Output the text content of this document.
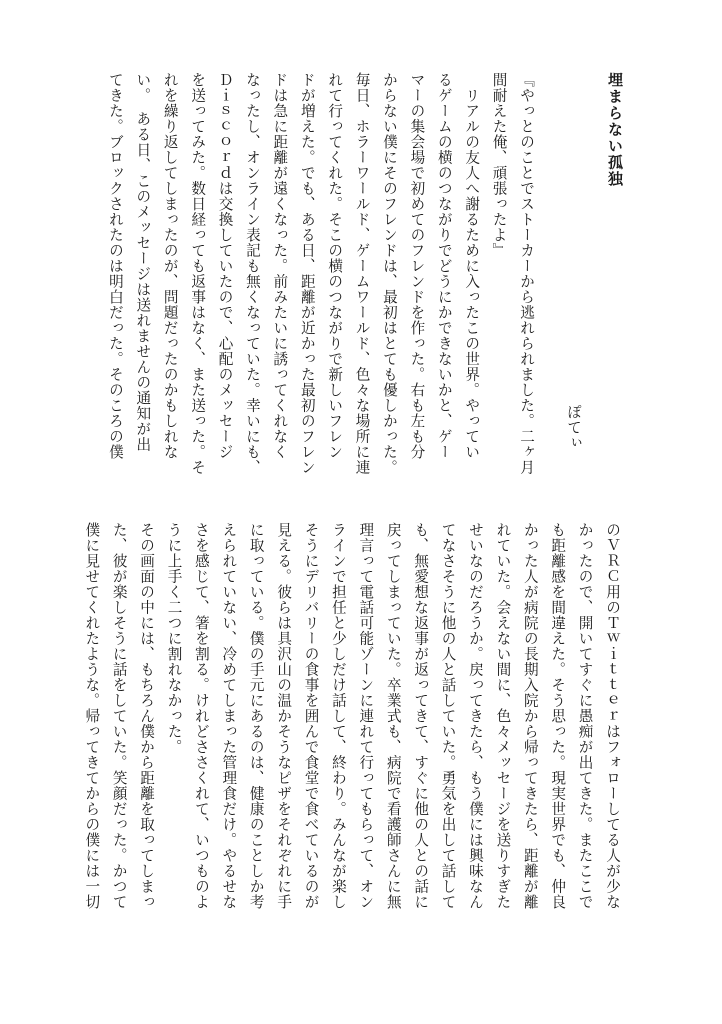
埋まらない孤独
ぽてぃ

『やっとのことでストーカーから逃れられました。二ヶ月

間耐えた俺、頑張ったよ』

　リアルの友人へ謝るために入ったこの世界。やってい

るゲームの横のつながりでどうにかできないかと、ゲー

マーの集会場で初めてのフレンドを作った。右も左も分

からない僕にそのフレンドは、最初はとても優しかった。

毎日、ホラーワールド、ゲームワールド、色々な場所に連

れて行ってくれた。そこの横のつながりで新しいフレン

ドが増えた。でも、ある日、距離が近かった最初のフレン

ドは急に距離が遠くなった。前みたいに誘ってくれなく

なったし、オンライン表記も無くなっていた。幸いにも、

Ｄｉｓｃｏｒｄは交換していたので、心配のメッセージ

を送ってみた。数日経っても返事はなく、また送った。そ

れを繰り返してしまったのが、問題だったのかもしれな

い。　ある日、このメッセージは送れませんの通知が出

てきた。ブロックされたのは明白だった。そのころの僕

のＶＲＣ用のＴｗｉｔｔｅｒはフォローしてる人が少な

かったので、開いてすぐに愚痴が出てきた。またここで

も距離感を間違えた。そう思った。現実世界でも、仲良

かった人が病院の長期入院から帰ってきたら、距離が離

れていた。会えない間に、色々メッセージを送りすぎた

せいなのだろうか。戻ってきたら、もう僕には興味なん

てなさそうに他の人と話していた。勇気を出して話して

も、無愛想な返事が返ってきて、すぐに他の人との話に

戻ってしまっていた。卒業式も、病院で看護師さんに無

理言って電話可能ゾーンに連れて行ってもらって、オン

ラインで担任と少しだけ話して、終わり。みんなが楽し

そうにデリバリーの食事を囲んで食堂で食べているのが

見える。彼らは具沢山の温かそうなピザをそれぞれに手

に取っている。僕の手元にあるのは、健康のことしか考

えられていない、冷めてしまった管理食だけ。やるせな

さを感じて、箸を割る。けれどささくれて、いつものよ

うに上手く二つに割れなかった。

その画面の中には、もちろん僕から距離を取ってしまっ

た、彼が楽しそうに話をしていた。笑顔だった。かつて

僕に見せてくれたような。帰ってきてからの僕には一切
